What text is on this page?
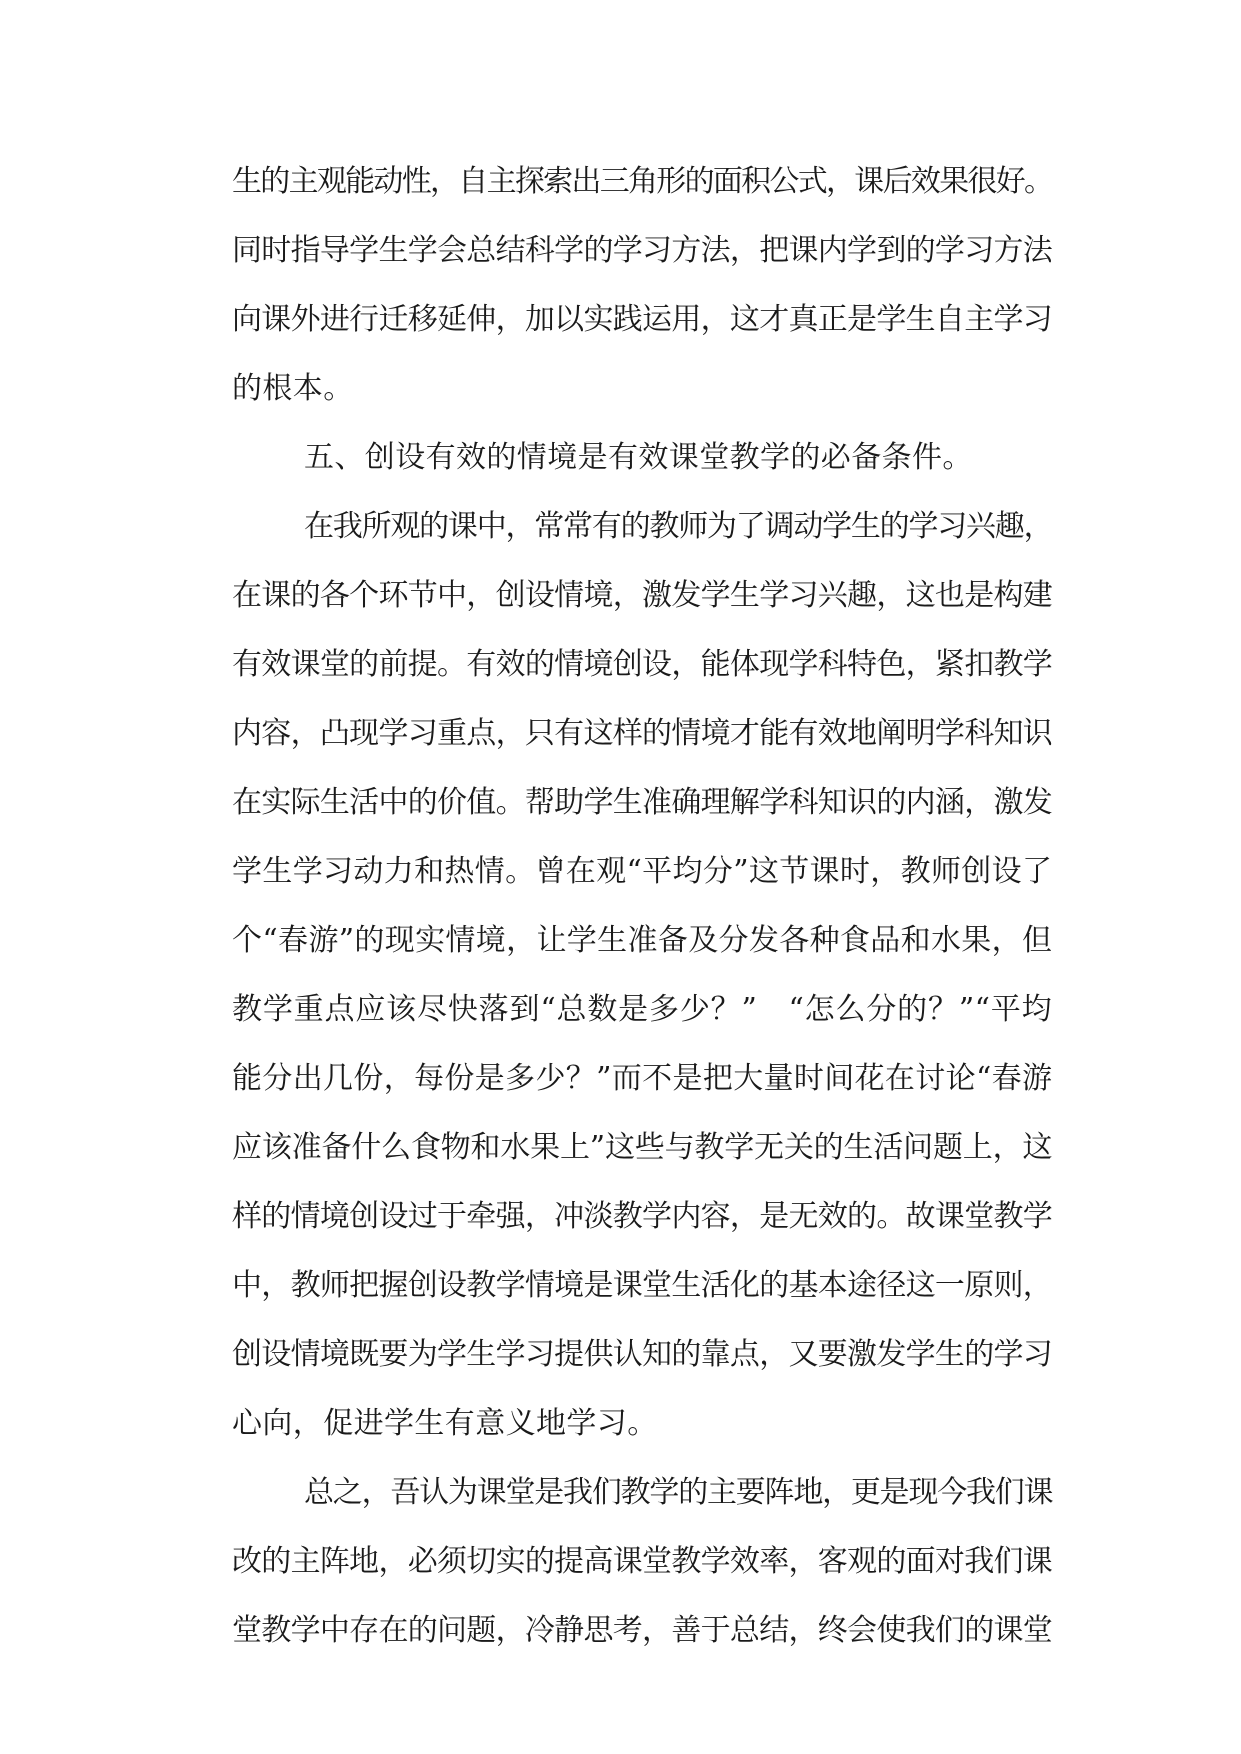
生的主观能动性，自主探索出三角形的面积公式，课后效果很好。
同时指导学生学会总结科学的学习方法，把课内学到的学习方法
向课外进行迁移延伸，加以实践运用，这才真正是学生自主学习
的根本。
五、创设有效的情境是有效课堂教学的必备条件。
在我所观的课中，常常有的教师为了调动学生的学习兴趣，
在课的各个环节中，创设情境，激发学生学习兴趣，这也是构建
有效课堂的前提。有效的情境创设，能体现学科特色，紧扣教学
内容，凸现学习重点，只有这样的情境才能有效地阐明学科知识
在实际生活中的价值。帮助学生准确理解学科知识的内涵，激发
学生学习动力和热情。曾在观“平均分”这节课时，教师创设了
个“春游”的现实情境，让学生准备及分发各种食品和水果，但
教学重点应该尽快落到“总数是多少？”　“怎么分的？”“平均
能分出几份，每份是多少？”而不是把大量时间花在讨论“春游
应该准备什么食物和水果上”这些与教学无关的生活问题上，这
样的情境创设过于牵强，冲淡教学内容，是无效的。故课堂教学
中，教师把握创设教学情境是课堂生活化的基本途径这一原则，
创设情境既要为学生学习提供认知的靠点，又要激发学生的学习
心向，促进学生有意义地学习。
总之，吾认为课堂是我们教学的主要阵地，更是现今我们课
改的主阵地，必须切实的提高课堂教学效率，客观的面对我们课
堂教学中存在的问题，冷静思考，善于总结，终会使我们的课堂
